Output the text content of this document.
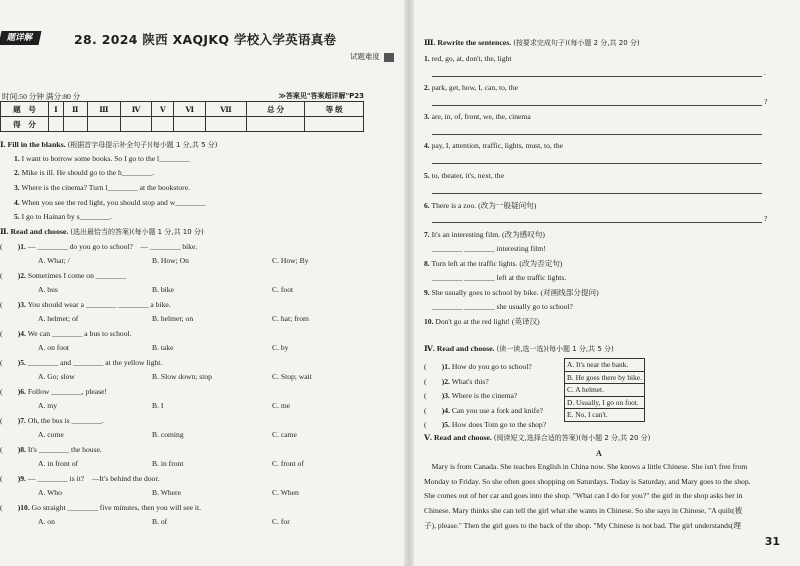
题详解	28. 2024 陕西 XAQJKQ 学校入学英语真卷
试题难度
时间:50 分钟 满分:80 分	≫答案见"答案超详解"P23
题　号	Ⅰ	Ⅱ	Ⅲ	Ⅳ	Ⅴ	Ⅵ	Ⅶ	总 分	等 级
得　分									
Ⅰ. Fill in the blanks. (根据首字母提示补全句子)(每小题 1 分,共 5 分)
1. I want to borrow some books. So I go to the l________
2. Mike is ill. He should go to the h________.
3. Where is the cinema? Turn l________ at the bookstore.
4. When you see the red light, you should stop and w________
5. I go to Hainan by s________.
Ⅱ. Read and choose. (选出最恰当的答案)(每小题 1 分,共 10 分)
(　　)1. — ________ do you go to school?　— ________ bike.
A. What; /	B. How; On	C. How; By
(　　)2. Sometimes I come on ________
A. bus	B. bike	C. foot
(　　)3. You should wear a ________ ________ a bike.
A. helmet; of	B. helmet; on	C. hat; from
(　　)4. We can ________ a bus to school.
A. on foot	B. take	C. by
(　　)5. ________ and ________ at the yellow light.
A. Go; slow	B. Slow down; stop	C. Stop; wait
(　　)6. Follow ________, please!
A. my	B. I	C. me
(　　)7. Oh, the bus is ________.
A. come	B. coming	C. came
(　　)8. It's ________ the house.
A. in front of	B. in front	C. front of
(　　)9. — ________ is it?　—It's behind the door.
A. Who	B. Where	C. When
(　　)10. Go straight ________ five minutes, then you will see it.
A. on	B. of	C. for
Ⅲ. Rewrite the sentences. (按要求完成句子)(每小题 2 分,共 20 分)
1. red, go, at, don't, the, light
.
2. park, get, how, I, can, to, the
?
3. are, in, of, front, we, the, cinema
4. pay, I, attention, traffic, lights, must, to, the
5. to, theater, it's, next, the
6. There is a zoo. (改为一般疑问句)
?
7. It's an interesting film. (改为感叹句)
________ ________ interesting film!
8. Turn left at the traffic lights. (改为否定句)
________ ________ left at the traffic lights.
9. She usually goes to school by bike. (对画线部分提问)
________ ________ she usually go to school?
10. Don't go at the red light! (英译汉)
Ⅳ. Read and choose. (读一读,选一选)(每小题 1 分,共 5 分)
(　　)1. How do you go to school?
(　　)2. What's this?
(　　)3. Where is the cinema?
(　　)4. Can you use a fork and knife?
(　　)5. How does Tom go to the shop?
A. It's near the bank.
B. He goes there by bike.
C. A helmet.
D. Usually, I go on foot.
E. No, I can't.
Ⅴ. Read and choose. (阅读短文,选择合适的答案)(每小题 2 分,共 20 分)
A
　Mary is from Canada. She teaches English in China now. She knows a little Chinese. She isn't free from
Monday to Friday. So she often goes shopping on Saturdays. Today is Saturday, and Mary goes to the shop.
She comes out of her car and goes into the shop. "What can I do for you?" the girl in the shop asks her in
Chinese. Mary thinks she can tell the girl what she wants in Chinese. So she says in Chinese, "A quilt(被
子), please." Then the girl goes to the back of the shop. "My Chinese is not bad. The girl understands(理
31
